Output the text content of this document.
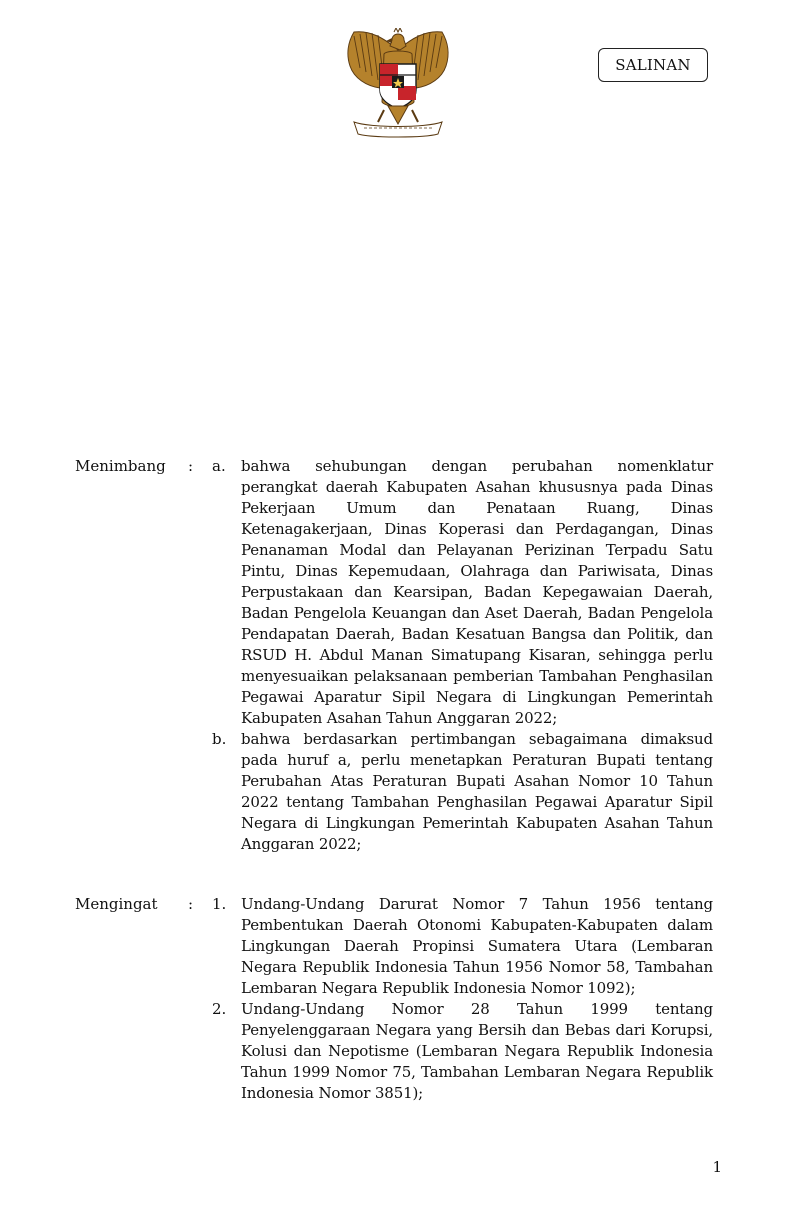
SALINAN
Menimbang : a. bahwa sehubungan dengan perubahan nomenklatur perangkat daerah Kabupaten Asahan khususnya pada Dinas Pekerjaan Umum dan Penataan Ruang, Dinas Ketenagakerjaan, Dinas Koperasi dan Perdagangan, Dinas Penanaman Modal dan Pelayanan Perizinan Terpadu Satu Pintu, Dinas Kepemudaan, Olahraga dan Pariwisata, Dinas Perpustakaan dan Kearsipan, Badan Kepegawaian Daerah, Badan Pengelola Keuangan dan Aset Daerah, Badan Pengelola Pendapatan Daerah, Badan Kesatuan Bangsa dan Politik, dan RSUD H. Abdul Manan Simatupang Kisaran, sehingga perlu menyesuaikan pelaksanaan pemberian Tambahan Penghasilan Pegawai Aparatur Sipil Negara di Lingkungan Pemerintah Kabupaten Asahan Tahun Anggaran 2022;
b. bahwa berdasarkan pertimbangan sebagaimana dimaksud pada huruf a, perlu menetapkan Peraturan Bupati tentang Perubahan Atas Peraturan Bupati Asahan Nomor 10 Tahun 2022 tentang Tambahan Penghasilan Pegawai Aparatur Sipil Negara di Lingkungan Pemerintah Kabupaten Asahan Tahun Anggaran 2022;
Mengingat : 1. Undang-Undang Darurat Nomor 7 Tahun 1956 tentang Pembentukan Daerah Otonomi Kabupaten-Kabupaten dalam Lingkungan Daerah Propinsi Sumatera Utara (Lembaran Negara Republik Indonesia Tahun 1956 Nomor 58, Tambahan Lembaran Negara Republik Indonesia Nomor 1092);
2. Undang-Undang Nomor 28 Tahun 1999 tentang Penyelenggaraan Negara yang Bersih dan Bebas dari Korupsi, Kolusi dan Nepotisme (Lembaran Negara Republik Indonesia Tahun 1999 Nomor 75, Tambahan Lembaran Negara Republik Indonesia Nomor 3851);
1
